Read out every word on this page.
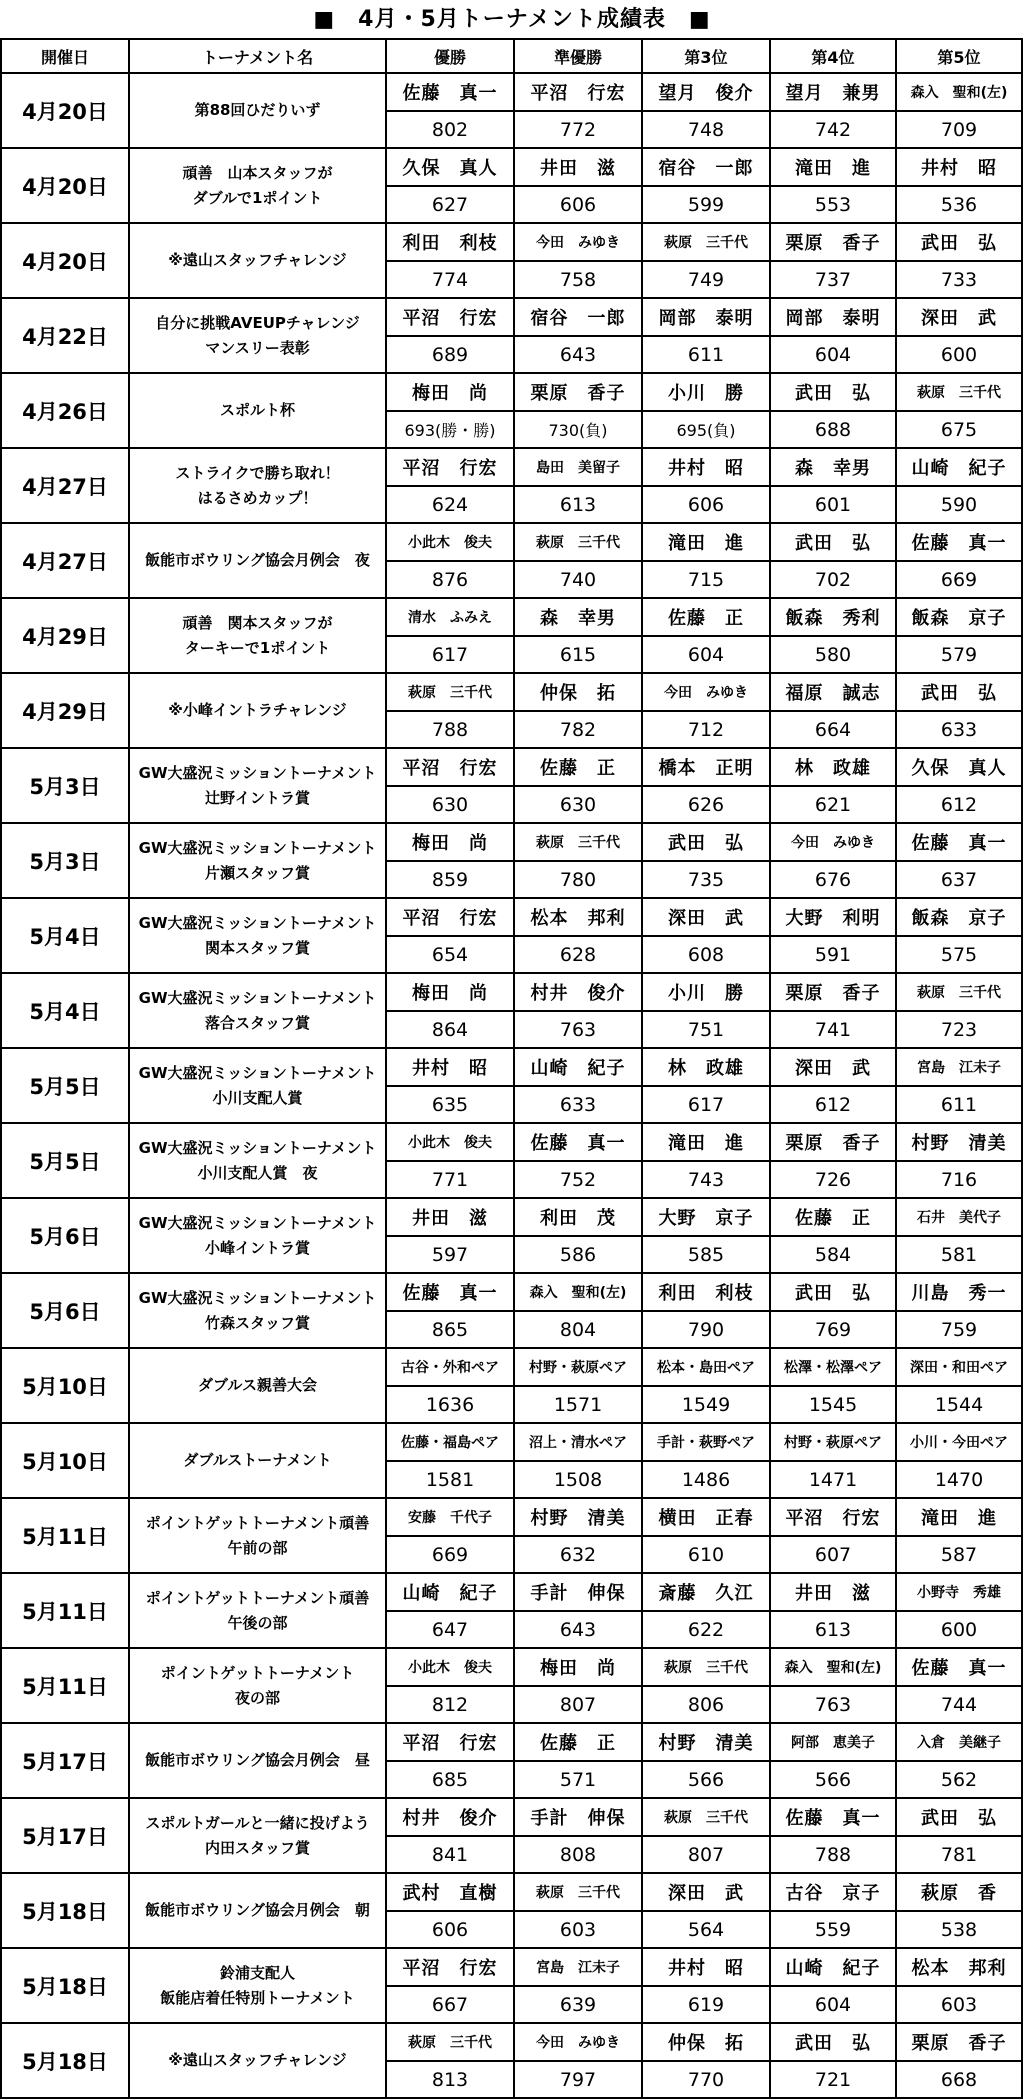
■　4月・5月トーナメント成績表　■
開催日	トーナメント名	優勝	準優勝	第3位	第4位	第5位
4月20日	第88回ひだりいず	佐藤　真一	平沼　行宏	望月　俊介	望月　兼男	森入　聖和(左)
		802	772	748	742	709
4月20日	頑善　山本スタッフが
ダブルで1ポイント	久保　真人	井田　滋	宿谷　一郎	滝田　進	井村　昭
		627	606	599	553	536
4月20日	※遠山スタッフチャレンジ	利田　利枝	今田　みゆき	萩原　三千代	栗原　香子	武田　弘
		774	758	749	737	733
4月22日	自分に挑戦AVEUPチャレンジ
マンスリー表彰	平沼　行宏	宿谷　一郎	岡部　泰明	岡部　泰明	深田　武
		689	643	611	604	600
4月26日	スポルト杯	梅田　尚	栗原　香子	小川　勝	武田　弘	萩原　三千代
		693(勝・勝)	730(負)	695(負)	688	675
4月27日	ストライクで勝ち取れ！
はるさめカップ！	平沼　行宏	島田　美留子	井村　昭	森　幸男	山崎　紀子
		624	613	606	601	590
4月27日	飯能市ボウリング協会月例会　夜	小此木　俊夫	萩原　三千代	滝田　進	武田　弘	佐藤　真一
		876	740	715	702	669
4月29日	頑善　関本スタッフが
ターキーで1ポイント	清水　ふみえ	森　幸男	佐藤　正	飯森　秀利	飯森　京子
		617	615	604	580	579
4月29日	※小峰イントラチャレンジ	萩原　三千代	仲保　拓	今田　みゆき	福原　誠志	武田　弘
		788	782	712	664	633
5月3日	GW大盛況ミッショントーナメント
辻野イントラ賞	平沼　行宏	佐藤　正	橋本　正明	林　政雄	久保　真人
		630	630	626	621	612
5月3日	GW大盛況ミッショントーナメント
片瀬スタッフ賞	梅田　尚	萩原　三千代	武田　弘	今田　みゆき	佐藤　真一
		859	780	735	676	637
5月4日	GW大盛況ミッショントーナメント
関本スタッフ賞	平沼　行宏	松本　邦利	深田　武	大野　利明	飯森　京子
		654	628	608	591	575
5月4日	GW大盛況ミッショントーナメント
落合スタッフ賞	梅田　尚	村井　俊介	小川　勝	栗原　香子	萩原　三千代
		864	763	751	741	723
5月5日	GW大盛況ミッショントーナメント
小川支配人賞	井村　昭	山崎　紀子	林　政雄	深田　武	宮島　江未子
		635	633	617	612	611
5月5日	GW大盛況ミッショントーナメント
小川支配人賞　夜	小此木　俊夫	佐藤　真一	滝田　進	栗原　香子	村野　清美
		771	752	743	726	716
5月6日	GW大盛況ミッショントーナメント
小峰イントラ賞	井田　滋	利田　茂	大野　京子	佐藤　正	石井　美代子
		597	586	585	584	581
5月6日	GW大盛況ミッショントーナメント
竹森スタッフ賞	佐藤　真一	森入　聖和(左)	利田　利枝	武田　弘	川島　秀一
		865	804	790	769	759
5月10日	ダブルス親善大会	古谷・外和ペア	村野・萩原ペア	松本・島田ペア	松澤・松澤ペア	深田・和田ペア
		1636	1571	1549	1545	1544
5月10日	ダブルストーナメント	佐藤・福島ペア	沼上・清水ペア	手計・萩野ペア	村野・萩原ペア	小川・今田ペア
		1581	1508	1486	1471	1470
5月11日	ポイントゲットトーナメント頑善
午前の部	安藤　千代子	村野　清美	横田　正春	平沼　行宏	滝田　進
		669	632	610	607	587
5月11日	ポイントゲットトーナメント頑善
午後の部	山崎　紀子	手計　伸保	斎藤　久江	井田　滋	小野寺　秀雄
		647	643	622	613	600
5月11日	ポイントゲットトーナメント
夜の部	小此木　俊夫	梅田　尚	萩原　三千代	森入　聖和(左)	佐藤　真一
		812	807	806	763	744
5月17日	飯能市ボウリング協会月例会　昼	平沼　行宏	佐藤　正	村野　清美	阿部　恵美子	入倉　美継子
		685	571	566	566	562
5月17日	スポルトガールと一緒に投げよう
内田スタッフ賞	村井　俊介	手計　伸保	萩原　三千代	佐藤　真一	武田　弘
		841	808	807	788	781
5月18日	飯能市ボウリング協会月例会　朝	武村　直樹	萩原　三千代	深田　武	古谷　京子	萩原　香
		606	603	564	559	538
5月18日	鈴浦支配人
飯能店着任特別トーナメント	平沼　行宏	宮島　江未子	井村　昭	山崎　紀子	松本　邦利
		667	639	619	604	603
5月18日	※遠山スタッフチャレンジ	萩原　三千代	今田　みゆき	仲保　拓	武田　弘	栗原　香子
		813	797	770	721	668
